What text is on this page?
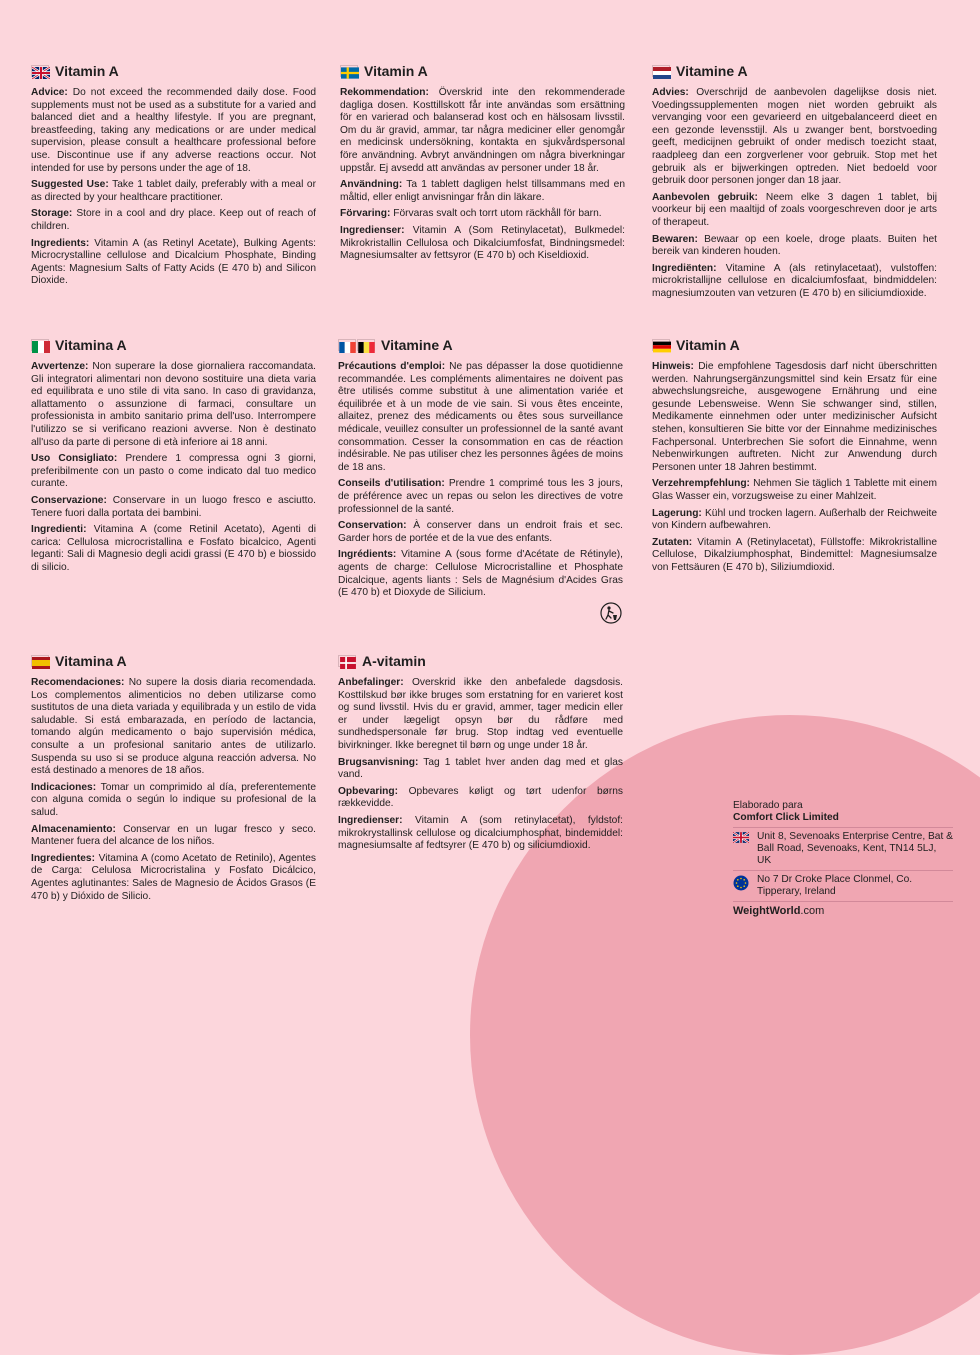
Vitamin A

Advice: Do not exceed the recommended daily dose. Food supplements must not be used as a substitute for a varied and balanced diet and a healthy lifestyle. If you are pregnant, breastfeeding, taking any medications or are under medical supervision, please consult a healthcare professional before use. Discontinue use if any adverse reactions occur. Not intended for use by persons under the age of 18.

Suggested Use: Take 1 tablet daily, preferably with a meal or as directed by your healthcare practitioner.

Storage: Store in a cool and dry place. Keep out of reach of children.

Ingredients: Vitamin A (as Retinyl Acetate), Bulking Agents: Microcrystalline cellulose and Dicalcium Phosphate, Binding Agents: Magnesium Salts of Fatty Acids (E 470 b) and Silicon Dioxide.

Vitamin A

Rekommendation: Överskrid inte den rekommenderade dagliga dosen. Kosttillskott får inte användas som ersättning för en varierad och balanserad kost och en hälsosam livsstil. Om du är gravid, ammar, tar några mediciner eller genomgår en medicinsk undersökning, kontakta en sjukvårdspersonal före användning. Avbryt användningen om några biverkningar uppstår. Ej avsedd att användas av personer under 18 år.

Användning: Ta 1 tablett dagligen helst tillsammans med en måltid, eller enligt anvisningar från din läkare.

Förvaring: Förvaras svalt och torrt utom räckhåll för barn.

Ingredienser: Vitamin A (Som Retinylacetat), Bulkmedel: Mikrokristallin Cellulosa och Dikalciumfosfat, Bindningsmedel: Magnesiumsalter av fettsyror (E 470 b) och Kiseldioxid.

Vitamine A

Advies: Overschrijd de aanbevolen dagelijkse dosis niet. Voedingssupplementen mogen niet worden gebruikt als vervanging voor een gevarieerd en uitgebalanceerd dieet en een gezonde levensstijl. Als u zwanger bent, borstvoeding geeft, medicijnen gebruikt of onder medisch toezicht staat, raadpleeg dan een zorgverlener voor gebruik. Stop met het gebruik als er bijwerkingen optreden. Niet bedoeld voor gebruik door personen jonger dan 18 jaar.

Aanbevolen gebruik: Neem elke 3 dagen 1 tablet, bij voorkeur bij een maaltijd of zoals voorgeschreven door je arts of therapeut.

Bewaren: Bewaar op een koele, droge plaats. Buiten het bereik van kinderen houden.

Ingrediënten: Vitamine A (als retinylacetaat), vulstoffen: microkristallijne cellulose en dicalciumfosfaat, bindmiddelen: magnesiumzouten van vetzuren (E 470 b) en siliciumdioxide.

Vitamina A

Avvertenze: Non superare la dose giornaliera raccomandata. Gli integratori alimentari non devono sostituire una dieta varia ed equilibrata e uno stile di vita sano. In caso di gravidanza, allattamento o assunzione di farmaci, consultare un professionista in ambito sanitario prima dell'uso. Interrompere l'utilizzo se si verificano reazioni avverse. Non è destinato all'uso da parte di persone di età inferiore ai 18 anni.

Uso Consigliato: Prendere 1 compressa ogni 3 giorni, preferibilmente con un pasto o come indicato dal tuo medico curante.

Conservazione: Conservare in un luogo fresco e asciutto. Tenere fuori dalla portata dei bambini.

Ingredienti: Vitamina A (come Retinil Acetato), Agenti di carica: Cellulosa microcristallina e Fosfato bicalcico, Agenti leganti: Sali di Magnesio degli acidi grassi (E 470 b) e biossido di silicio.

Vitamine A

Précautions d'emploi: Ne pas dépasser la dose quotidienne recommandée. Les compléments alimentaires ne doivent pas être utilisés comme substitut à une alimentation variée et équilibrée et à un mode de vie sain. Si vous êtes enceinte, allaitez, prenez des médicaments ou êtes sous surveillance médicale, veuillez consulter un professionnel de la santé avant consommation. Cesser la consommation en cas de réaction indésirable. Ne pas utiliser chez les personnes âgées de moins de 18 ans.

Conseils d'utilisation: Prendre 1 comprimé tous les 3 jours, de préférence avec un repas ou selon les directives de votre professionnel de la santé.

Conservation: À conserver dans un endroit frais et sec. Garder hors de portée et de la vue des enfants.

Ingrédients: Vitamine A (sous forme d'Acétate de Rétinyle), agents de charge: Cellulose Microcristalline et Phosphate Dicalcique, agents liants : Sels de Magnésium d'Acides Gras (E 470 b) et Dioxyde de Silicium.

Vitamin A

Hinweis: Die empfohlene Tagesdosis darf nicht überschritten werden. Nahrungsergänzungsmittel sind kein Ersatz für eine abwechslungsreiche, ausgewogene Ernährung und eine gesunde Lebensweise. Wenn Sie schwanger sind, stillen, Medikamente einnehmen oder unter medizinischer Aufsicht stehen, konsultieren Sie bitte vor der Einnahme medizinisches Fachpersonal. Unterbrechen Sie sofort die Einnahme, wenn Nebenwirkungen auftreten. Nicht zur Anwendung durch Personen unter 18 Jahren bestimmt.

Verzehrempfehlung: Nehmen Sie täglich 1 Tablette mit einem Glas Wasser ein, vorzugsweise zu einer Mahlzeit.

Lagerung: Kühl und trocken lagern. Außerhalb der Reichweite von Kindern aufbewahren.

Zutaten: Vitamin A (Retinylacetat), Füllstoffe: Mikrokristalline Cellulose, Dikalziumphosphat, Bindemittel: Magnesiumsalze von Fettsäuren (E 470 b), Siliziumdioxid.

Vitamina A

Recomendaciones: No supere la dosis diaria recomendada. Los complementos alimenticios no deben utilizarse como sustitutos de una dieta variada y equilibrada y un estilo de vida saludable. Si está embarazada, en período de lactancia, tomando algún medicamento o bajo supervisión médica, consulte a un profesional sanitario antes de utilizarlo. Suspenda su uso si se produce alguna reacción adversa. No está destinado a menores de 18 años.

Indicaciones: Tomar un comprimido al día, preferentemente con alguna comida o según lo indique su profesional de la salud.

Almacenamiento: Conservar en un lugar fresco y seco. Mantener fuera del alcance de los niños.

Ingredientes: Vitamina A (como Acetato de Retinilo), Agentes de Carga: Celulosa Microcristalina y Fosfato Dicálcico, Agentes aglutinantes: Sales de Magnesio de Ácidos Grasos (E 470 b) y Dióxido de Silicio.

A-vitamin

Anbefalinger: Overskrid ikke den anbefalede dagsdosis. Kosttilskud bør ikke bruges som erstatning for en varieret kost og sund livsstil. Hvis du er gravid, ammer, tager medicin eller er under lægeligt opsyn bør du rådføre med sundhedspersonale før brug. Stop indtag ved eventuelle bivirkninger. Ikke beregnet til børn og unge under 18 år.

Brugsanvisning: Tag 1 tablet hver anden dag med et glas vand.

Opbevaring: Opbevares køligt og tørt udenfor børns rækkevidde.

Ingredienser: Vitamin A (som retinylacetat), fyldstof: mikrokrystallinsk cellulose og dicalciumphosphat, bindemiddel: magnesiumsalte af fedtsyrer (E 470 b) og siliciumdioxid.

Elaborado para
Comfort Click Limited
Unit 8, Sevenoaks Enterprise Centre, Bat & Ball Road, Sevenoaks, Kent, TN14 5LJ, UK
No 7 Dr Croke Place Clonmel, Co. Tipperary, Ireland
WeightWorld.com
